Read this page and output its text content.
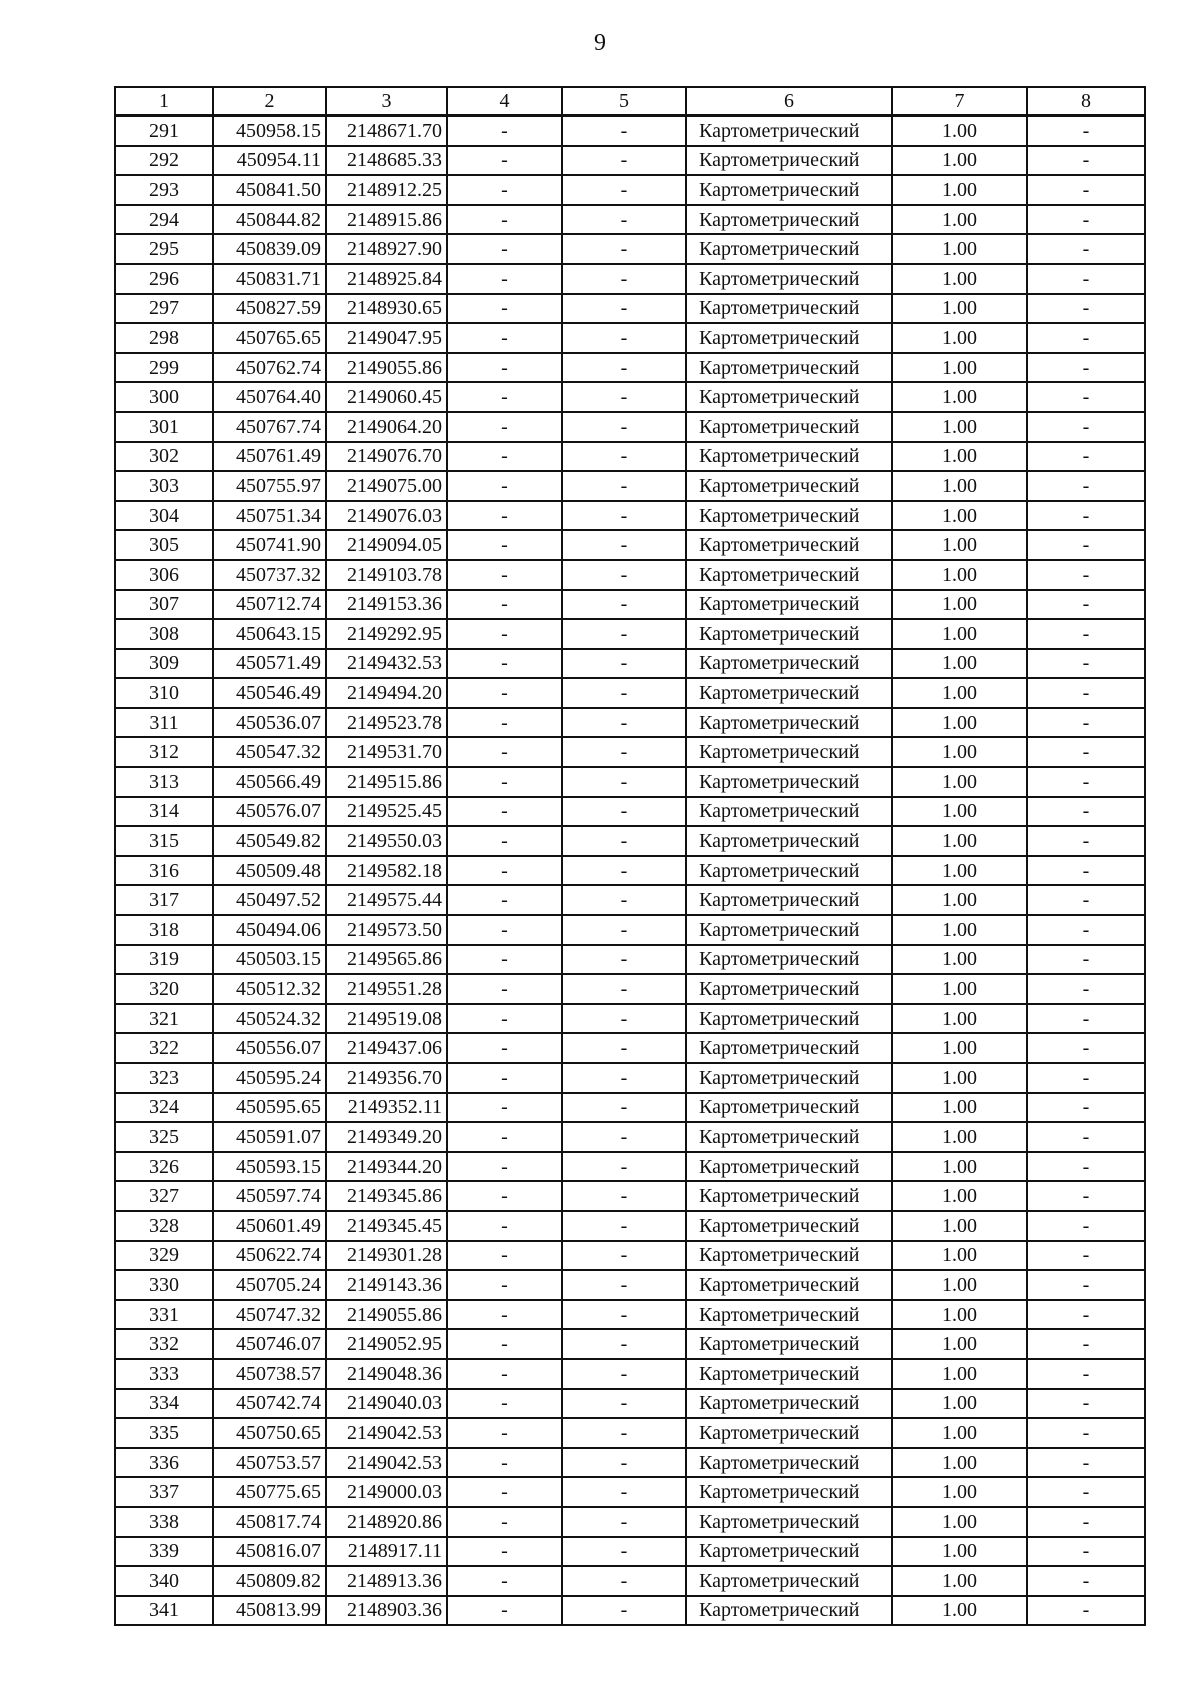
9
1	2	3	4	5	6	7	8
291	450958.15	2148671.70	-	-	Картометрический	1.00	-
292	450954.11	2148685.33	-	-	Картометрический	1.00	-
293	450841.50	2148912.25	-	-	Картометрический	1.00	-
294	450844.82	2148915.86	-	-	Картометрический	1.00	-
295	450839.09	2148927.90	-	-	Картометрический	1.00	-
296	450831.71	2148925.84	-	-	Картометрический	1.00	-
297	450827.59	2148930.65	-	-	Картометрический	1.00	-
298	450765.65	2149047.95	-	-	Картометрический	1.00	-
299	450762.74	2149055.86	-	-	Картометрический	1.00	-
300	450764.40	2149060.45	-	-	Картометрический	1.00	-
301	450767.74	2149064.20	-	-	Картометрический	1.00	-
302	450761.49	2149076.70	-	-	Картометрический	1.00	-
303	450755.97	2149075.00	-	-	Картометрический	1.00	-
304	450751.34	2149076.03	-	-	Картометрический	1.00	-
305	450741.90	2149094.05	-	-	Картометрический	1.00	-
306	450737.32	2149103.78	-	-	Картометрический	1.00	-
307	450712.74	2149153.36	-	-	Картометрический	1.00	-
308	450643.15	2149292.95	-	-	Картометрический	1.00	-
309	450571.49	2149432.53	-	-	Картометрический	1.00	-
310	450546.49	2149494.20	-	-	Картометрический	1.00	-
311	450536.07	2149523.78	-	-	Картометрический	1.00	-
312	450547.32	2149531.70	-	-	Картометрический	1.00	-
313	450566.49	2149515.86	-	-	Картометрический	1.00	-
314	450576.07	2149525.45	-	-	Картометрический	1.00	-
315	450549.82	2149550.03	-	-	Картометрический	1.00	-
316	450509.48	2149582.18	-	-	Картометрический	1.00	-
317	450497.52	2149575.44	-	-	Картометрический	1.00	-
318	450494.06	2149573.50	-	-	Картометрический	1.00	-
319	450503.15	2149565.86	-	-	Картометрический	1.00	-
320	450512.32	2149551.28	-	-	Картометрический	1.00	-
321	450524.32	2149519.08	-	-	Картометрический	1.00	-
322	450556.07	2149437.06	-	-	Картометрический	1.00	-
323	450595.24	2149356.70	-	-	Картометрический	1.00	-
324	450595.65	2149352.11	-	-	Картометрический	1.00	-
325	450591.07	2149349.20	-	-	Картометрический	1.00	-
326	450593.15	2149344.20	-	-	Картометрический	1.00	-
327	450597.74	2149345.86	-	-	Картометрический	1.00	-
328	450601.49	2149345.45	-	-	Картометрический	1.00	-
329	450622.74	2149301.28	-	-	Картометрический	1.00	-
330	450705.24	2149143.36	-	-	Картометрический	1.00	-
331	450747.32	2149055.86	-	-	Картометрический	1.00	-
332	450746.07	2149052.95	-	-	Картометрический	1.00	-
333	450738.57	2149048.36	-	-	Картометрический	1.00	-
334	450742.74	2149040.03	-	-	Картометрический	1.00	-
335	450750.65	2149042.53	-	-	Картометрический	1.00	-
336	450753.57	2149042.53	-	-	Картометрический	1.00	-
337	450775.65	2149000.03	-	-	Картометрический	1.00	-
338	450817.74	2148920.86	-	-	Картометрический	1.00	-
339	450816.07	2148917.11	-	-	Картометрический	1.00	-
340	450809.82	2148913.36	-	-	Картометрический	1.00	-
341	450813.99	2148903.36	-	-	Картометрический	1.00	-
